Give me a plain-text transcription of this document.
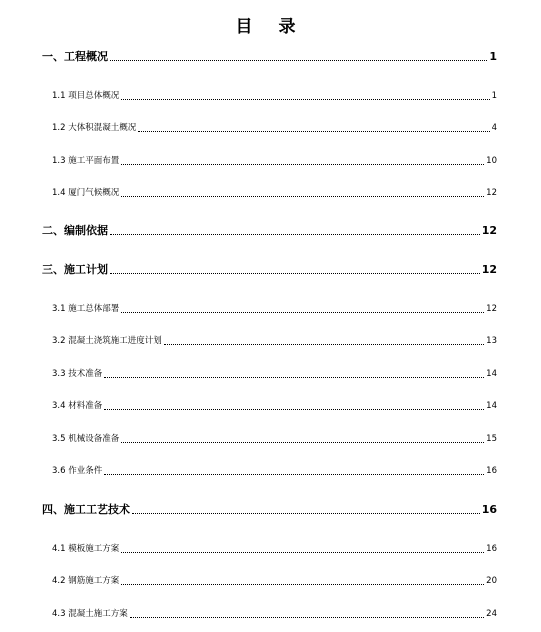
目 录
一、工程概况	1
1.1 项目总体概况	1
1.2 大体积混凝土概况	4
1.3 施工平面布置	10
1.4 厦门气候概况	12
二、编制依据	12
三、施工计划	12
3.1 施工总体部署	12
3.2 混凝土浇筑施工进度计划	13
3.3 技术准备	14
3.4 材料准备	14
3.5 机械设备准备	15
3.6 作业条件	16
四、施工工艺技术	16
4.1 模板施工方案	16
4.2 钢筋施工方案	20
4.3 混凝土施工方案	24
